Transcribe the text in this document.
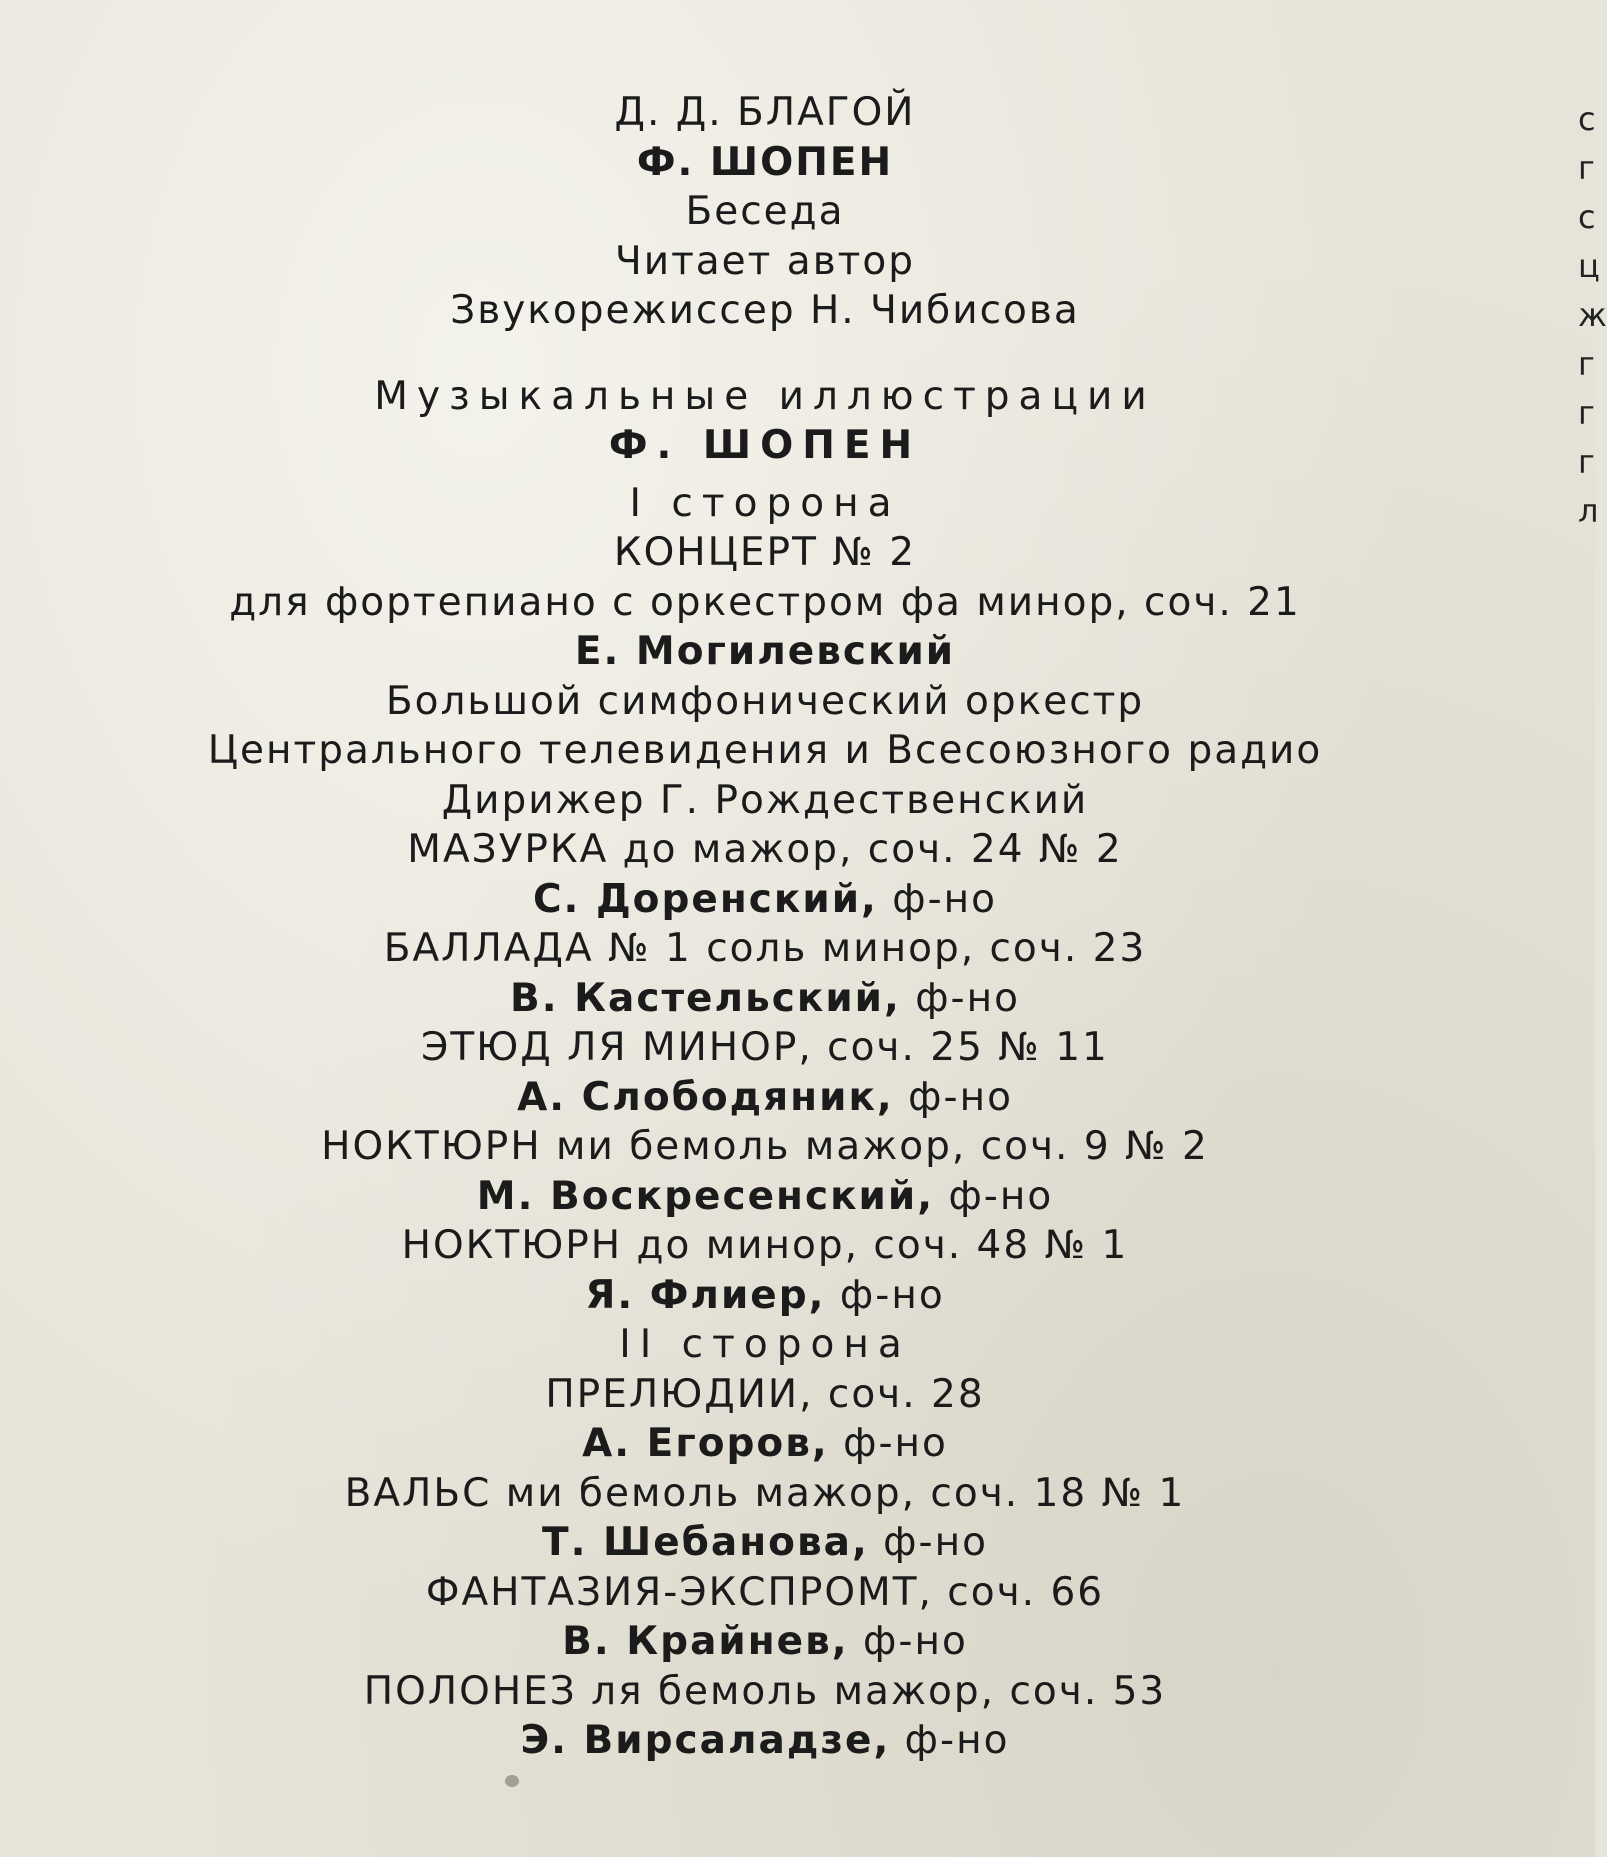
Д. Д. БЛАГОЙ
Ф. ШОПЕН
Беседа
Читает автор
Звукорежиссер Н. Чибисова
Музыкальные иллюстрации
Ф. ШОПЕН
I сторона
КОНЦЕРТ № 2
для фортепиано с оркестром фа минор, соч. 21
Е. Могилевский
Большой симфонический оркестр
Центрального телевидения и Всесоюзного радио
Дирижер Г. Рождественский
МАЗУРКА до мажор, соч. 24 № 2
С. Доренский, ф-но
БАЛЛАДА № 1 соль минор, соч. 23
В. Кастельский, ф-но
ЭТЮД ЛЯ МИНОР, соч. 25 № 11
А. Слободяник, ф-но
НОКТЮРН ми бемоль мажор, соч. 9 № 2
М. Воскресенский, ф-но
НОКТЮРН до минор, соч. 48 № 1
Я. Флиер, ф-но
II сторона
ПРЕЛЮДИИ, соч. 28
А. Егоров, ф-но
ВАЛЬС ми бемоль мажор, соч. 18 № 1
Т. Шебанова, ф-но
ФАНТАЗИЯ-ЭКСПРОМТ, соч. 66
В. Крайнев, ф-но
ПОЛОНЕЗ ля бемоль мажор, соч. 53
Э. Вирсаладзе, ф-но
с
г
с
ц
ж
г
г
г
л
